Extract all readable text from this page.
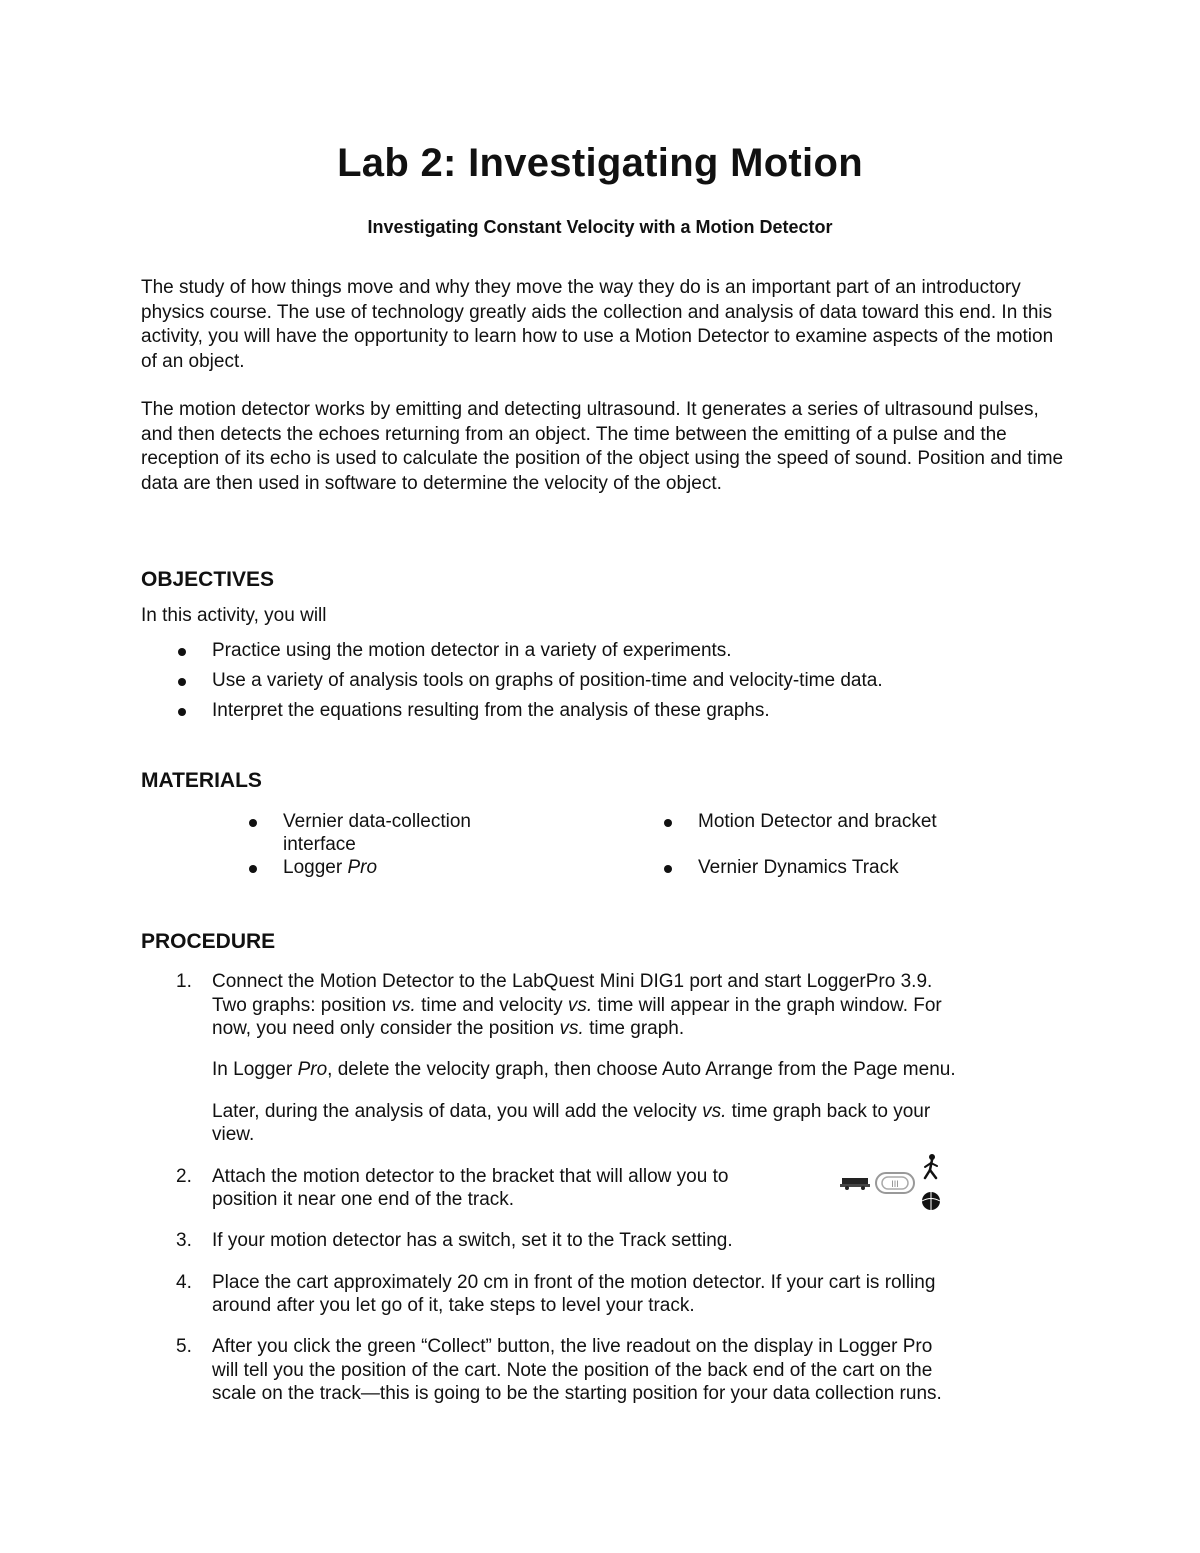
Lab 2: Investigating Motion
Investigating Constant Velocity with a Motion Detector
The study of how things move and why they move the way they do is an important part of an introductory physics course. The use of technology greatly aids the collection and analysis of data toward this end. In this activity, you will have the opportunity to learn how to use a Motion Detector to examine aspects of the motion of an object.
The motion detector works by emitting and detecting ultrasound. It generates a series of ultrasound pulses, and then detects the echoes returning from an object. The time between the emitting of a pulse and the reception of its echo is used to calculate the position of the object using the speed of sound. Position and time data are then used in software to determine the velocity of the object.
OBJECTIVES
In this activity, you will
Practice using the motion detector in a variety of experiments.
Use a variety of analysis tools on graphs of position-time and velocity-time data.
Interpret the equations resulting from the analysis of these graphs.
MATERIALS
Vernier data-collection
interface
Logger Pro
Motion Detector and bracket
Vernier Dynamics Track
PROCEDURE
1. Connect the Motion Detector to the LabQuest Mini DIG1 port and start LoggerPro 3.9.
Two graphs: position vs. time and velocity vs. time will appear in the graph window. For
now, you need only consider the position vs. time graph.
In Logger Pro, delete the velocity graph, then choose Auto Arrange from the Page menu.
Later, during the analysis of data, you will add the velocity vs. time graph back to your
view.
2. Attach the motion detector to the bracket that will allow you to
position it near one end of the track.
III
3. If your motion detector has a switch, set it to the Track setting.
4. Place the cart approximately 20 cm in front of the motion detector. If your cart is rolling
around after you let go of it, take steps to level your track.
5. After you click the green “Collect” button, the live readout on the display in Logger Pro
will tell you the position of the cart. Note the position of the back end of the cart on the
scale on the track—this is going to be the starting position for your data collection runs.
